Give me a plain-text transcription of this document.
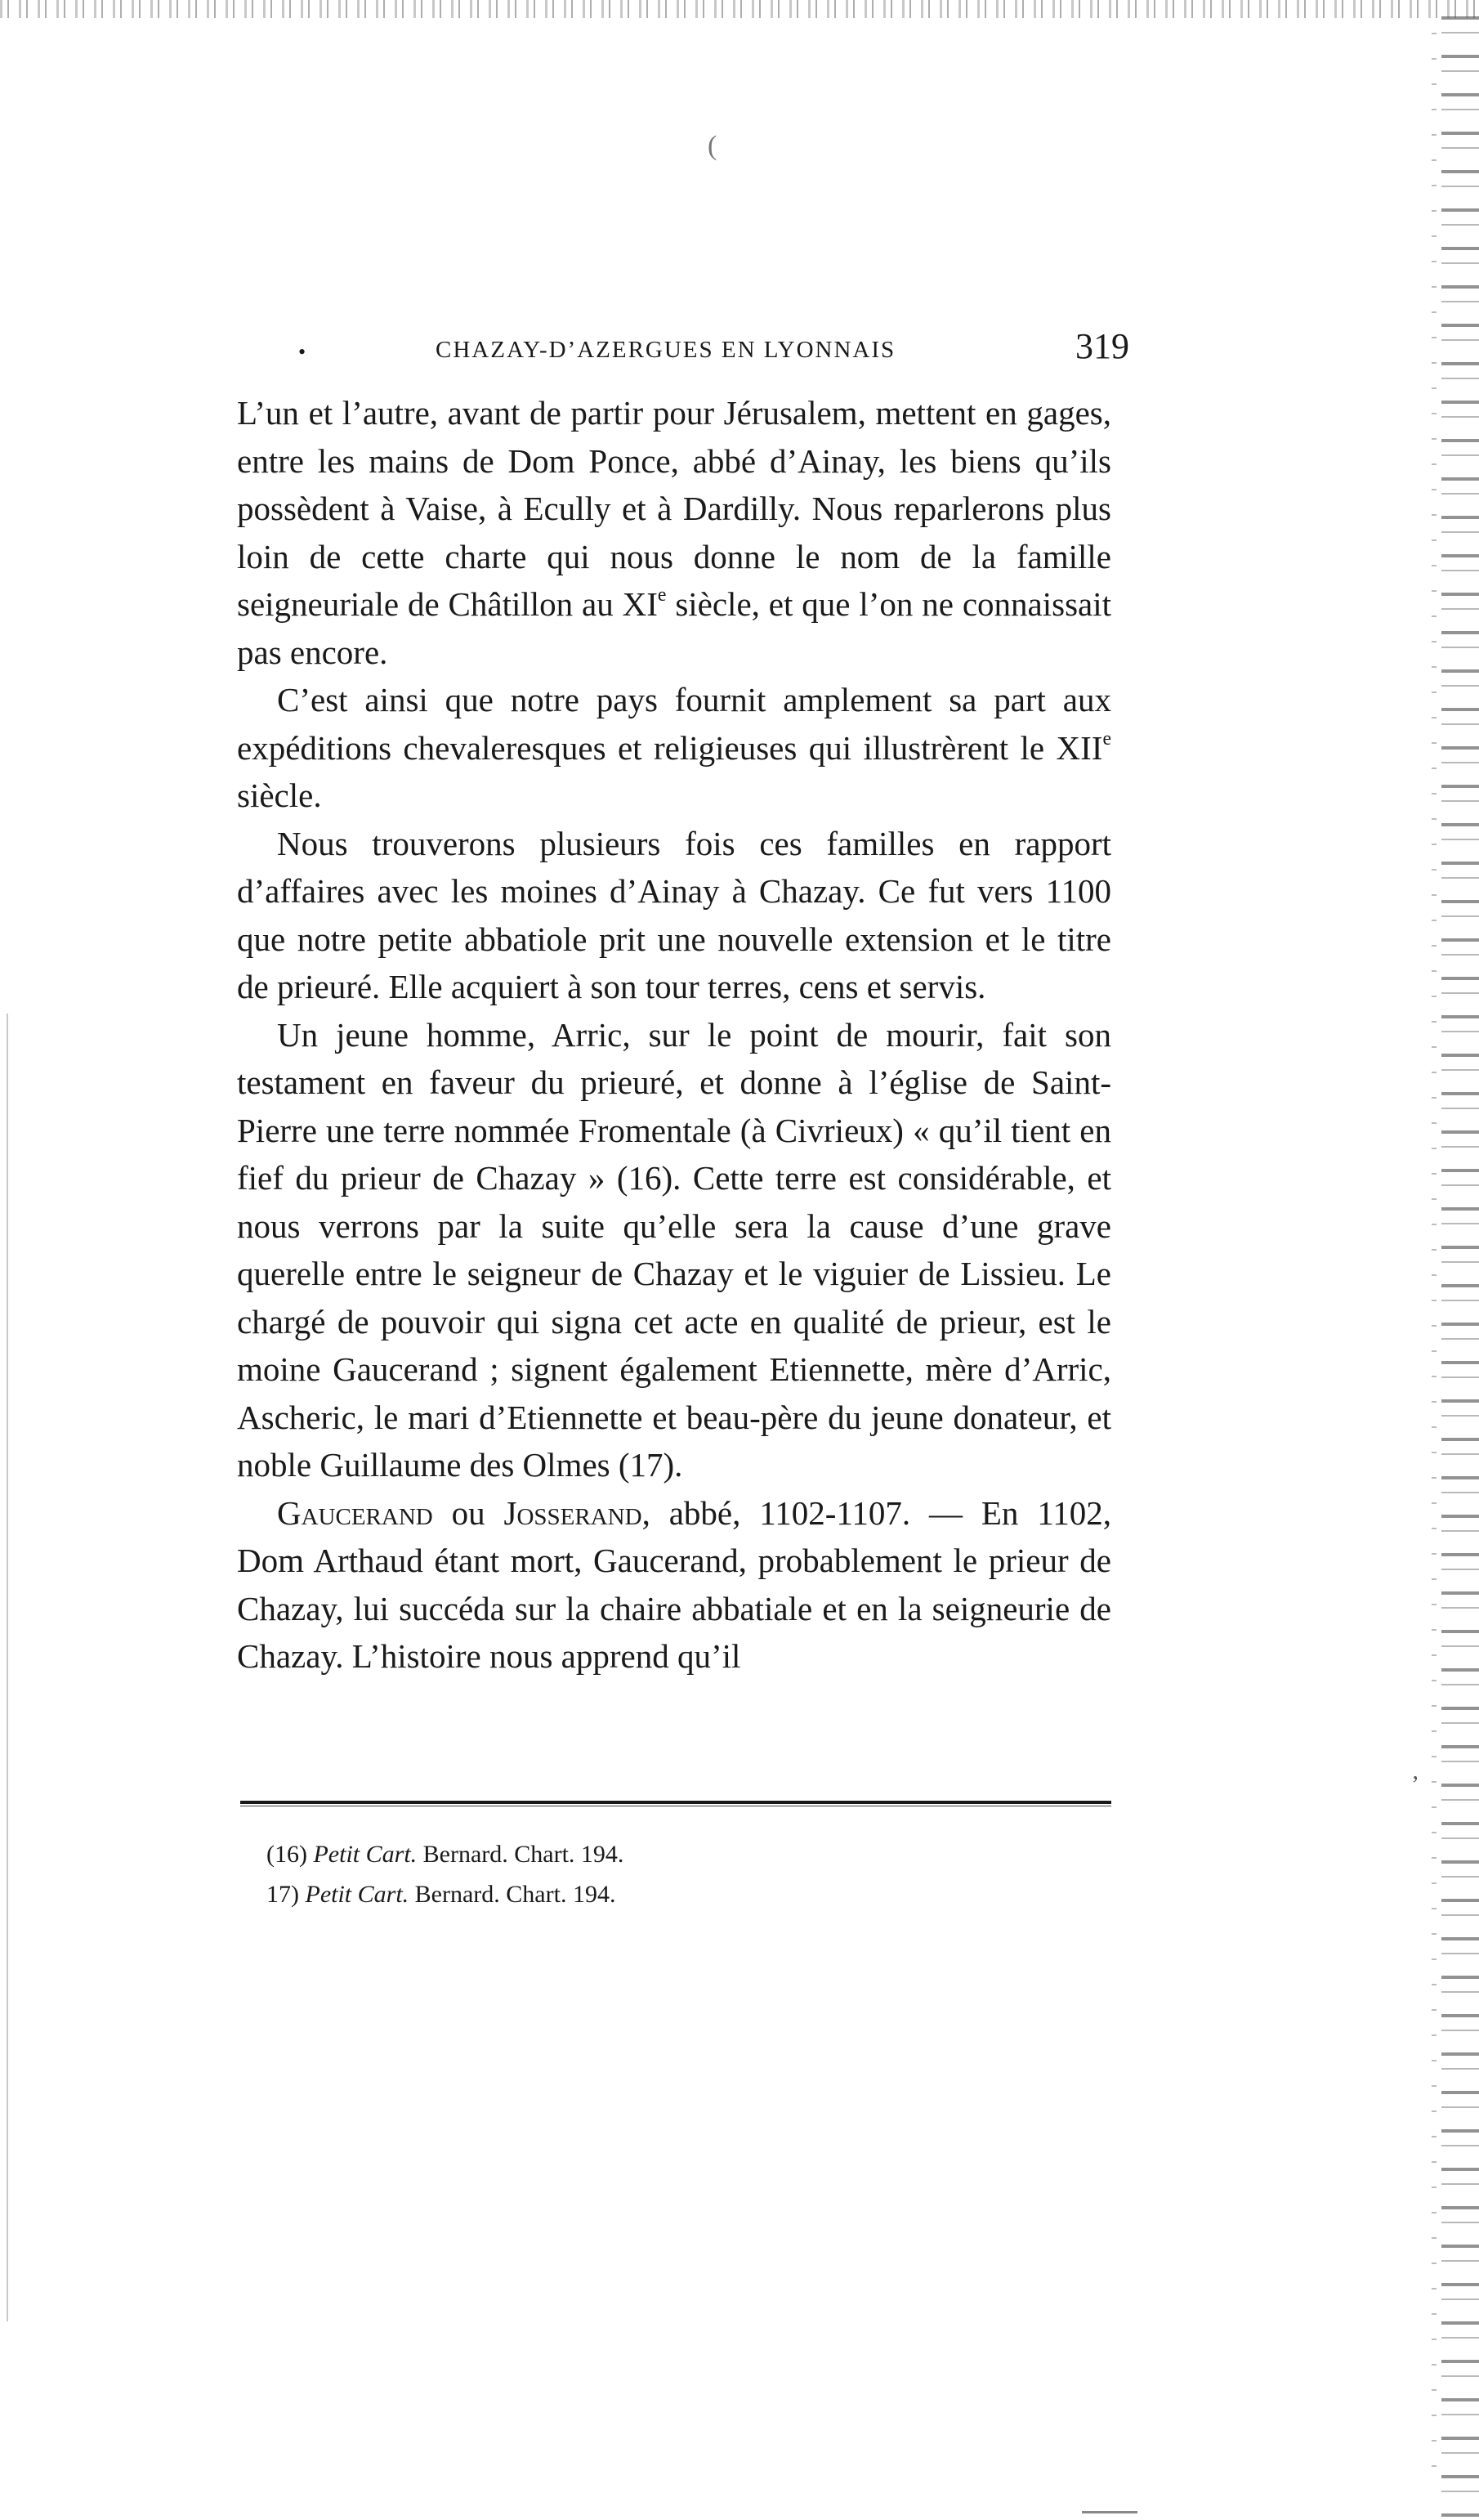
(
‚
•	CHAZAY-D’AZERGUES EN LYONNAIS	319

L’un et l’autre, avant de partir pour Jérusalem, mettent en gages, entre les mains de Dom Ponce, abbé d’Ainay, les biens qu’ils possèdent à Vaise, à Ecully et à Dardilly. Nous reparlerons plus loin de cette charte qui nous donne le nom de la famille seigneuriale de Châtillon au XIe siècle, et que l’on ne connaissait pas encore.

C’est ainsi que notre pays fournit amplement sa part aux expéditions chevaleresques et religieuses qui illustrèrent le XIIe siècle.

Nous trouverons plusieurs fois ces familles en rapport d’affaires avec les moines d’Ainay à Chazay. Ce fut vers 1100 que notre petite abbatiole prit une nouvelle extension et le titre de prieuré. Elle acquiert à son tour terres, cens et servis.

Un jeune homme, Arric, sur le point de mourir, fait son testament en faveur du prieuré, et donne à l’église de Saint-Pierre une terre nommée Fromentale (à Civrieux) « qu’il tient en fief du prieur de Chazay » (16). Cette terre est considérable, et nous verrons par la suite qu’elle sera la cause d’une grave querelle entre le seigneur de Chazay et le viguier de Lissieu. Le chargé de pouvoir qui signa cet acte en qualité de prieur, est le moine Gaucerand ; signent également Etiennette, mère d’Arric, Ascheric, le mari d’Etiennette et beau-père du jeune donateur, et noble Guillaume des Olmes (17).

Gaucerand ou Josserand, abbé, 1102-1107. — En 1102, Dom Arthaud étant mort, Gaucerand, probablement le prieur de Chazay, lui succéda sur la chaire abbatiale et en la seigneurie de Chazay. L’histoire nous apprend qu’il

(16) Petit Cart. Bernard. Chart. 194.
17) Petit Cart. Bernard. Chart. 194.
